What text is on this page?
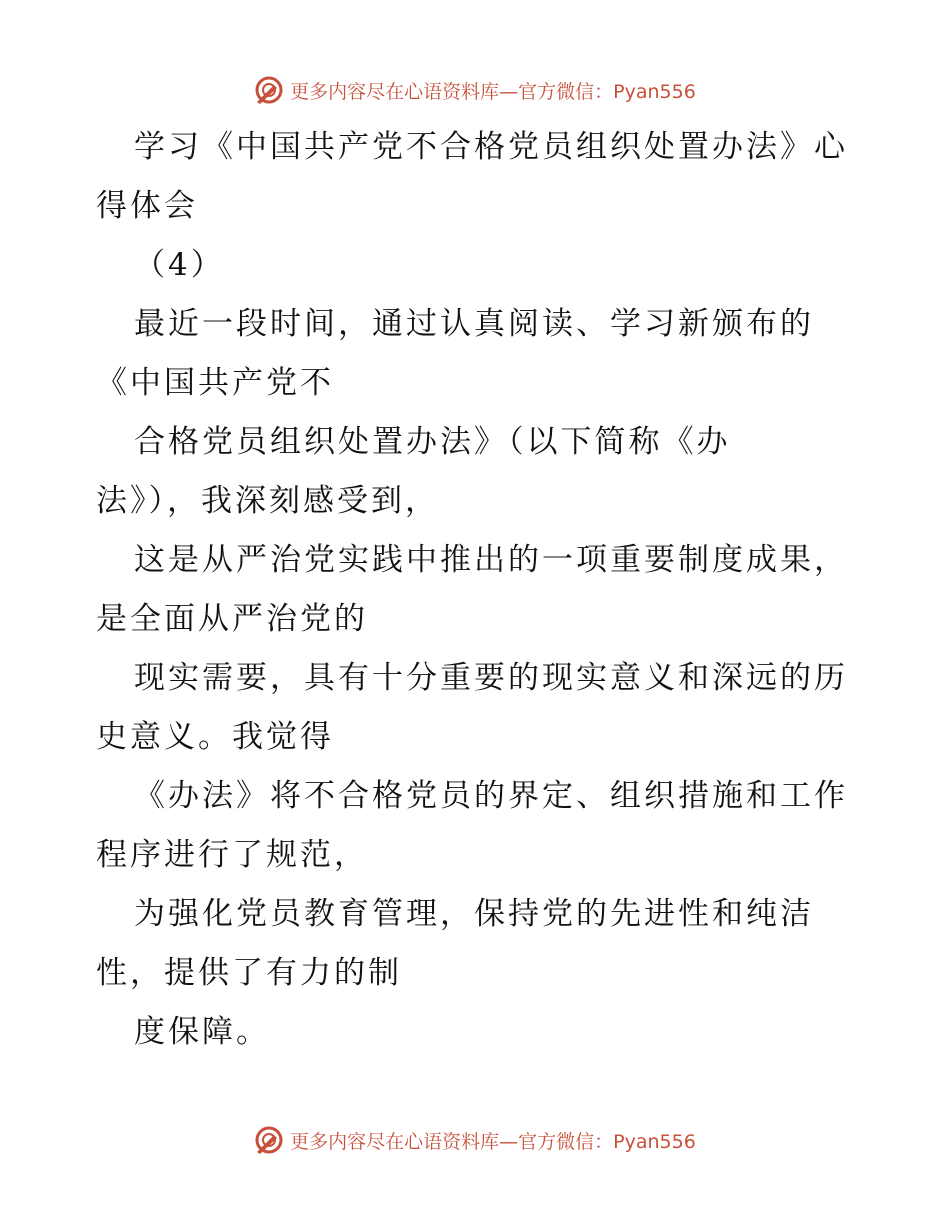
更多内容尽在心语资料库—官方微信：Pyan556
学习《中国共产党不合格党员组织处置办法》心
得体会
（4）
最近一段时间，通过认真阅读、学习新颁布的
《中国共产党不
合格党员组织处置办法》（以下简称《办
法》），我深刻感受到，
这是从严治党实践中推出的一项重要制度成果，
是全面从严治党的
现实需要，具有十分重要的现实意义和深远的历
史意义。我觉得
《办法》将不合格党员的界定、组织措施和工作
程序进行了规范，
为强化党员教育管理，保持党的先进性和纯洁
性，提供了有力的制
度保障。
更多内容尽在心语资料库—官方微信：Pyan556
